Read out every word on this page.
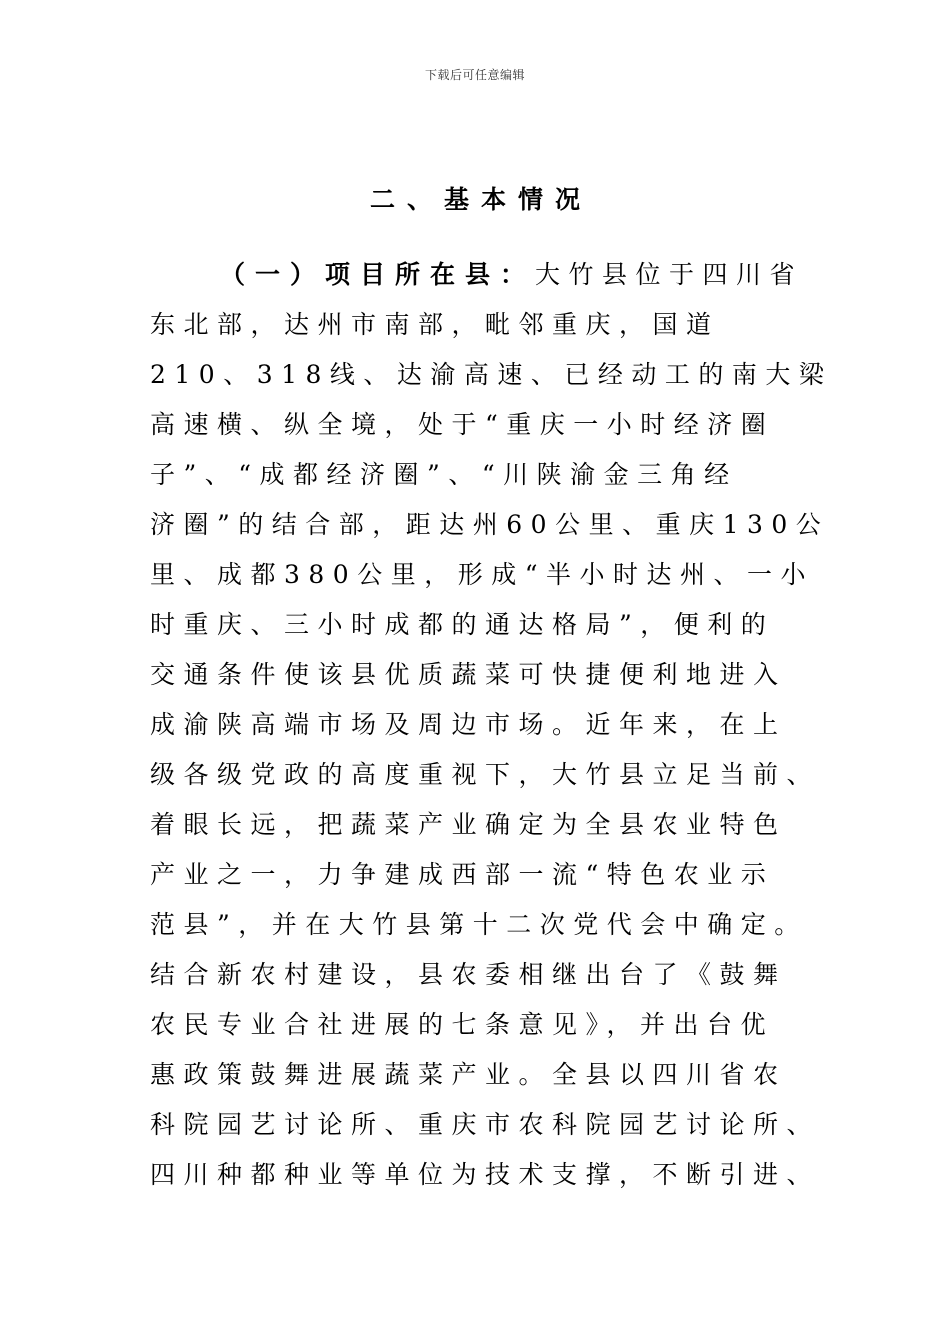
下载后可任意编辑
二、基本情况
（一）项目所在县：大竹县位于四川省
东北部，达州市南部，毗邻重庆，国道
210、318线、达渝高速、已经动工的南大梁
高速横、纵全境，处于“重庆一小时经济圈
子”、“成都经济圈”、“川陕渝金三角经
济圈”的结合部，距达州60公里、重庆130公
里、成都380公里，形成“半小时达州、一小
时重庆、三小时成都的通达格局”，便利的
交通条件使该县优质蔬菜可快捷便利地进入
成渝陕高端市场及周边市场。近年来，在上
级各级党政的高度重视下，大竹县立足当前、
着眼长远，把蔬菜产业确定为全县农业特色
产业之一，力争建成西部一流“特色农业示
范县”，并在大竹县第十二次党代会中确定。
结合新农村建设，县农委相继出台了《鼓舞
农民专业合社进展的七条意见》，并出台优
惠政策鼓舞进展蔬菜产业。全县以四川省农
科院园艺讨论所、重庆市农科院园艺讨论所、
四川种都种业等单位为技术支撑，不断引进、
